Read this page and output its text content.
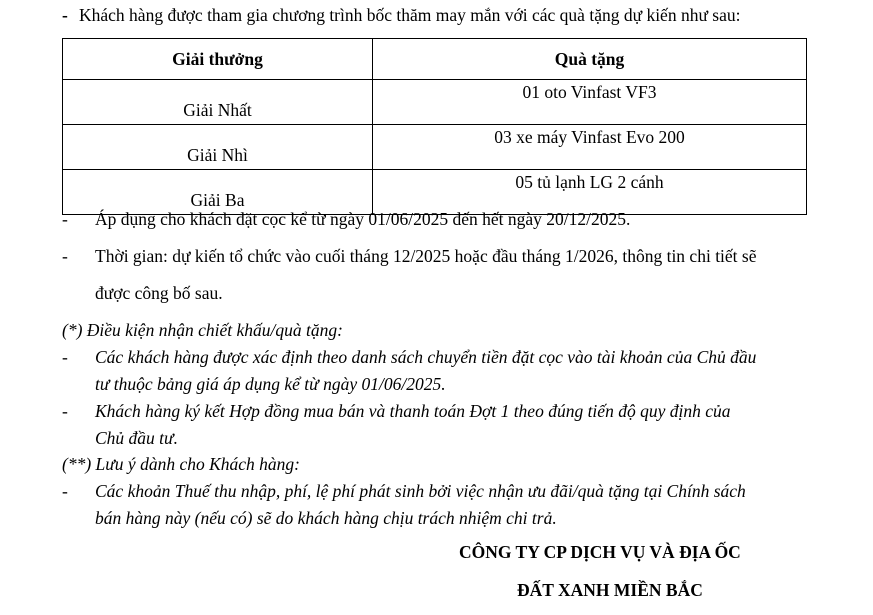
- Khách hàng được tham gia chương trình bốc thăm may mắn với các quà tặng dự kiến như sau:
Giải thưởng	Quà tặng
Giải Nhất	01 oto Vinfast VF3
Giải Nhì	03 xe máy Vinfast Evo 200
Giải Ba	05 tủ lạnh LG 2 cánh
- Áp dụng cho khách đặt cọc kể từ ngày 01/06/2025 đến hết ngày 20/12/2025.
- Thời gian: dự kiến tổ chức vào cuối tháng 12/2025 hoặc đầu tháng 1/2026, thông tin chi tiết sẽ
được công bố sau.
(*) Điều kiện nhận chiết khấu/quà tặng:
- Các khách hàng được xác định theo danh sách chuyển tiền đặt cọc vào tài khoản của Chủ đầu
tư thuộc bảng giá áp dụng kể từ ngày 01/06/2025.
- Khách hàng ký kết Hợp đồng mua bán và thanh toán Đợt 1 theo đúng tiến độ quy định của
Chủ đầu tư.
(**) Lưu ý dành cho Khách hàng:
- Các khoản Thuế thu nhập, phí, lệ phí phát sinh bởi việc nhận ưu đãi/quà tặng tại Chính sách
bán hàng này (nếu có) sẽ do khách hàng chịu trách nhiệm chi trả.
CÔNG TY CP DỊCH VỤ VÀ ĐỊA ỐC
ĐẤT XANH MIỀN BẮC
